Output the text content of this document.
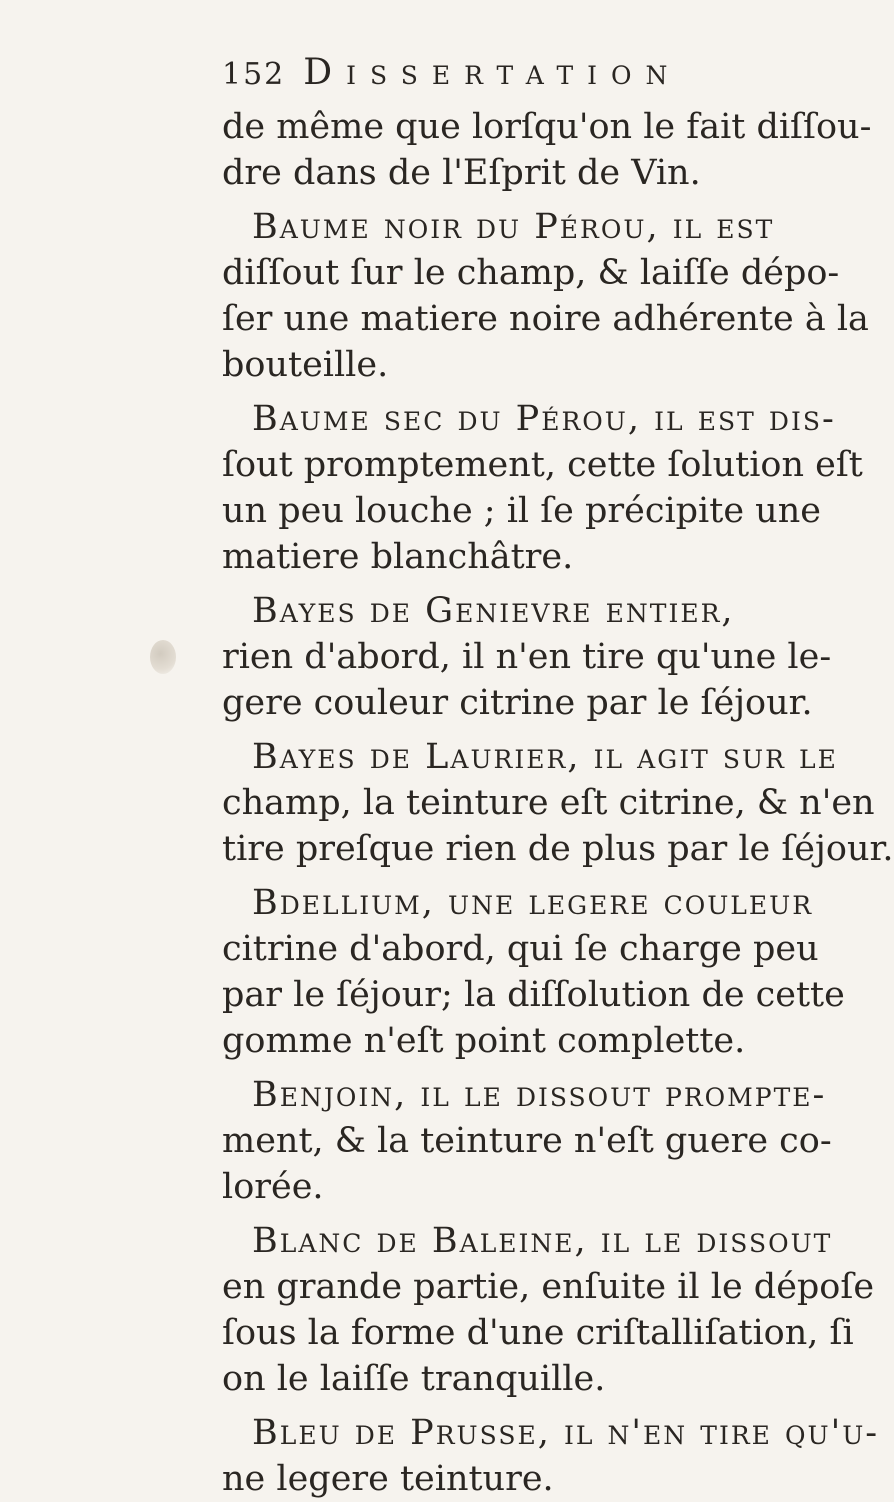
152 Dissertation
de même que lorſqu'on le fait diſſou-
dre dans de l'Eſprit de Vin.
Baume noir du Pérou, il eſt
diſſout ſur le champ, & laiſſe dépo-
ſer une matiere noire adhérente à la
bouteille.
Baume sec du Pérou, il eſt diſ-
ſout promptement, cette ſolution eſt
un peu louche ; il ſe précipite une
matiere blanchâtre.
Bayes de Genievre entier,
rien d'abord, il n'en tire qu'une le-
gere couleur citrine par le ſéjour.
Bayes de Laurier, il agit ſur le
champ, la teinture eſt citrine, & n'en
tire preſque rien de plus par le ſéjour.
Bdellium, une legere couleur
citrine d'abord, qui ſe charge peu
par le ſéjour; la diſſolution de cette
gomme n'eſt point complette.
Benjoin, il le diſſout prompte-
ment, & la teinture n'eſt guere co-
lorée.
Blanc de Baleine, il le diſſout
en grande partie, enſuite il le dépoſe
ſous la forme d'une criſtalliſation, ſi
on le laiſſe tranquille.
Bleu de Prusse, il n'en tire qu'u-
ne legere teinture.
